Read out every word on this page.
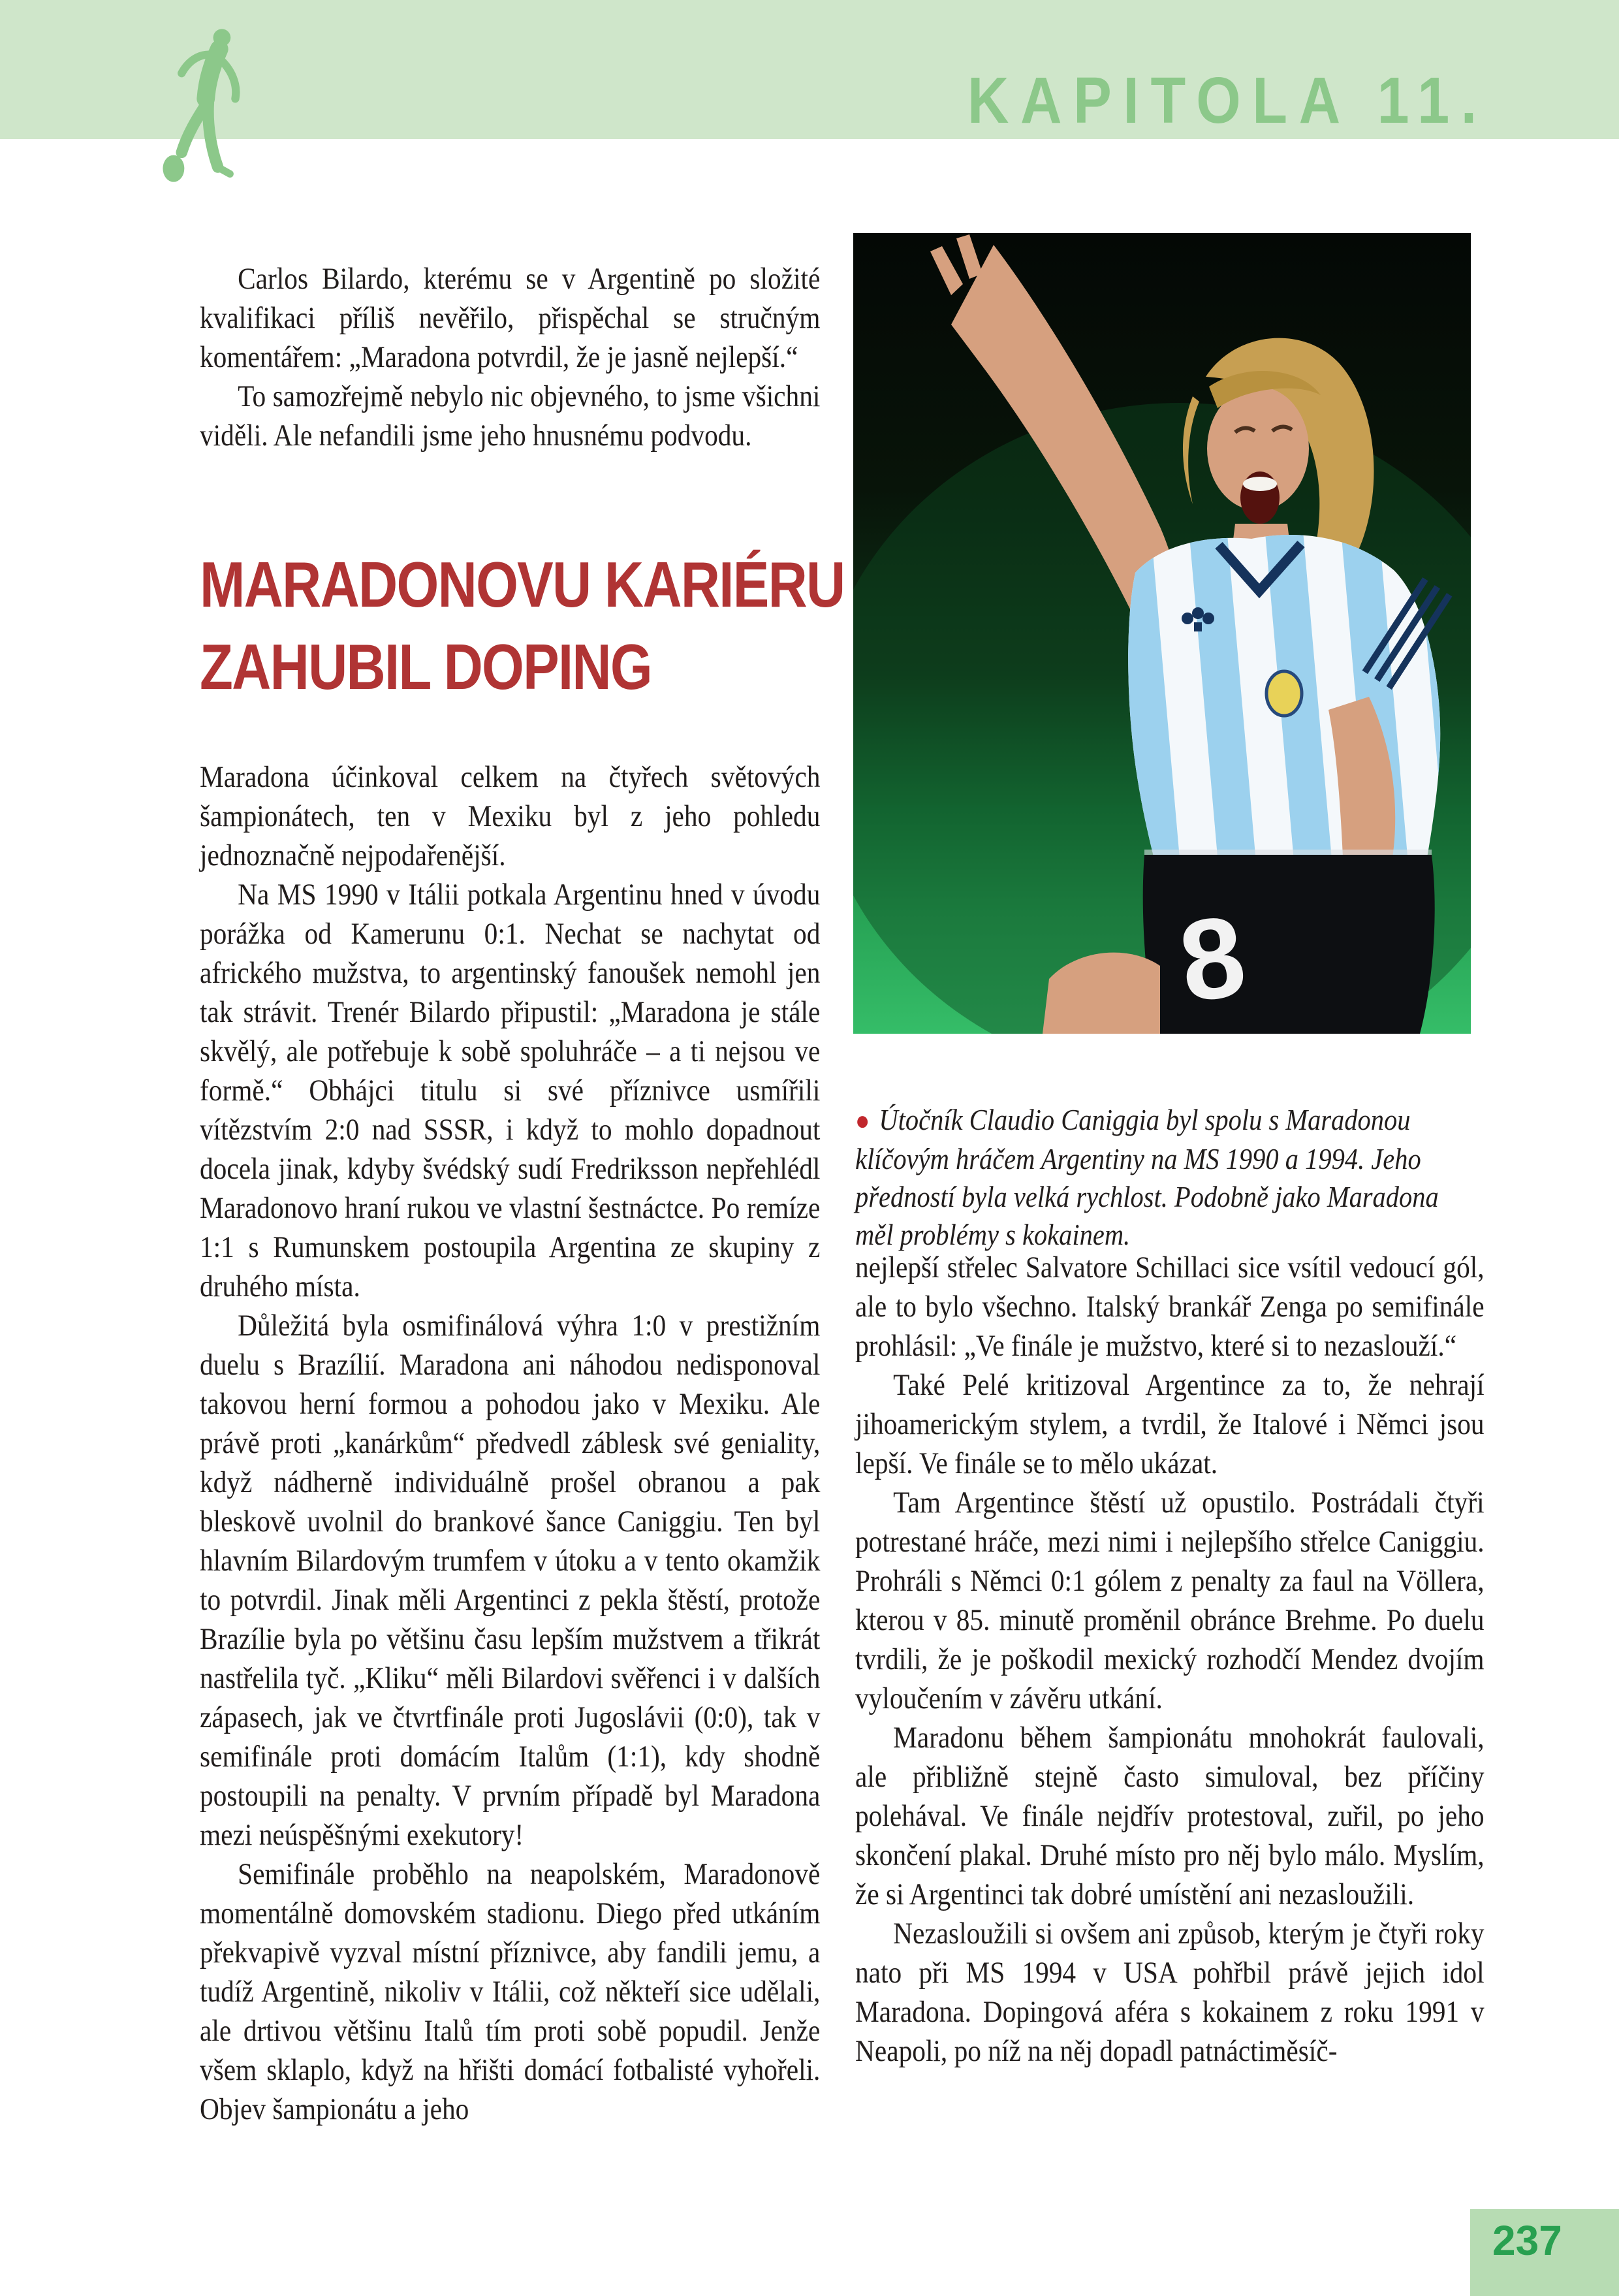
KAPITOLA 11.

Carlos Bilardo, kterému se v Argentině po složité kvalifikaci příliš nevěřilo, přispěchal se stručným komentářem: „Maradona potvrdil, že je jasně nejlepší.“

To samozřejmě nebylo nic objevného, to jsme všichni viděli. Ale nefandili jsme jeho hnusnému podvodu.

MARADONOVU KARIÉRU
ZAHUBIL DOPING

Maradona účinkoval celkem na čtyřech světových šampionátech, ten v Mexiku byl z jeho pohledu jednoznačně nejpodařenější.

Na MS 1990 v Itálii potkala Argentinu hned v úvodu porážka od Kamerunu 0:1. Nechat se nachytat od afrického mužstva, to argentinský fanoušek nemohl jen tak strávit. Trenér Bilardo připustil: „Maradona je stále skvělý, ale potřebuje k sobě spoluhráče – a ti nejsou ve formě.“ Obhájci titulu si své příznivce usmířili vítězstvím 2:0 nad SSSR, i když to mohlo dopadnout docela jinak, kdyby švédský sudí Fredriksson nepřehlédl Maradonovo hraní rukou ve vlastní šestnáctce. Po remíze 1:1 s Rumunskem postoupila Argentina ze skupiny z druhého místa.

Důležitá byla osmifinálová výhra 1:0 v prestižním duelu s Brazílií. Maradona ani náhodou nedisponoval takovou herní formou a pohodou jako v Mexiku. Ale právě proti „kanárkům“ předvedl záblesk své geniality, když nádherně individuálně prošel obranou a pak bleskově uvolnil do brankové šance Caniggiu. Ten byl hlavním Bilardovým trumfem v útoku a v tento okamžik to potvrdil. Jinak měli Argentinci z pekla štěstí, protože Brazílie byla po většinu času lepším mužstvem a třikrát nastřelila tyč. „Kliku“ měli Bilardovi svěřenci i v dalších zápasech, jak ve čtvrtfinále proti Jugoslávii (0:0), tak v semifinále proti domácím Italům (1:1), kdy shodně postoupili na penalty. V prvním případě byl Maradona mezi neúspěšnými exekutory!

Semifinále proběhlo na neapolském, Maradonově momentálně domovském stadionu. Diego před utkáním překvapivě vyzval místní příznivce, aby fandili jemu, a tudíž Argentině, nikoliv v Itálii, což někteří sice udělali, ale drtivou většinu Italů tím proti sobě popudil. Jenže všem sklaplo, když na hřišti domácí fotbalisté vyhořeli. Objev šampionátu a jeho

8

● Útočník Claudio Caniggia byl spolu s Maradonou klíčovým hráčem Argentiny na MS 1990 a 1994. Jeho předností byla velká rychlost. Podobně jako Maradona měl problémy s kokainem.

nejlepší střelec Salvatore Schillaci sice vsítil vedoucí gól, ale to bylo všechno. Italský brankář Zenga po semifinále prohlásil: „Ve finále je mužstvo, které si to nezaslouží.“

Také Pelé kritizoval Argentince za to, že nehrají jihoamerickým stylem, a tvrdil, že Italové i Němci jsou lepší. Ve finále se to mělo ukázat.

Tam Argentince štěstí už opustilo. Postrádali čtyři potrestané hráče, mezi nimi i nejlepšího střelce Caniggiu. Prohráli s Němci 0:1 gólem z penalty za faul na Völlera, kterou v 85. minutě proměnil obránce Brehme. Po duelu tvrdili, že je poškodil mexický rozhodčí Mendez dvojím vyloučením v závěru utkání.

Maradonu během šampionátu mnohokrát faulovali, ale přibližně stejně často simuloval, bez příčiny polehával. Ve finále nejdřív protestoval, zuřil, po jeho skončení plakal. Druhé místo pro něj bylo málo. Myslím, že si Argentinci tak dobré umístění ani nezasloužili.

Nezasloužili si ovšem ani způsob, kterým je čtyři roky nato při MS 1994 v USA pohřbil právě jejich idol Maradona. Dopingová aféra s kokainem z roku 1991 v Neapoli, po níž na něj dopadl patnáctiměsíč-

237
